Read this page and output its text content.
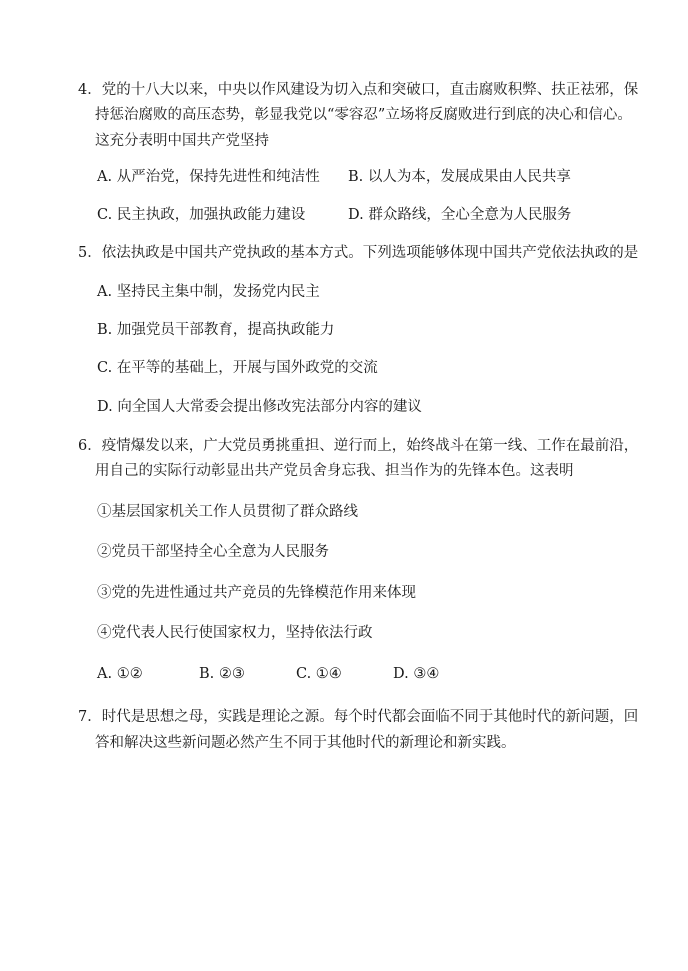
4．党的十八大以来，中央以作风建设为切入点和突破口，直击腐败积弊、扶正祛邪，保
持惩治腐败的高压态势，彰显我党以“零容忍”立场将反腐败进行到底的决心和信心。
这充分表明中国共产党坚持
A. 从严治党，保持先进性和纯洁性 B. 以人为本，发展成果由人民共享
C. 民主执政，加强执政能力建设	D. 群众路线，全心全意为人民服务
5．依法执政是中国共产党执政的基本方式。下列选项能够体现中国共产党依法执政的是
A. 坚持民主集中制，发扬党内民主
B. 加强党员干部教育，提高执政能力
C. 在平等的基础上，开展与国外政党的交流
D. 向全国人大常委会提出修改宪法部分内容的建议
6．疫情爆发以来，广大党员勇挑重担、逆行而上，始终战斗在第一线、工作在最前沿，
用自己的实际行动彰显出共产党员舍身忘我、担当作为的先锋本色。这表明
①基层国家机关工作人员贯彻了群众路线
②党员干部坚持全心全意为人民服务
③党的先进性通过共产竞员的先锋模范作用来体现
④党代表人民行使国家权力，坚持依法行政
A. ①②	B. ②③	C. ①④	D. ③④
7．时代是思想之母，实践是理论之源。每个时代都会面临不同于其他时代的新问题，回
答和解决这些新问题必然产生不同于其他时代的新理论和新实践。
